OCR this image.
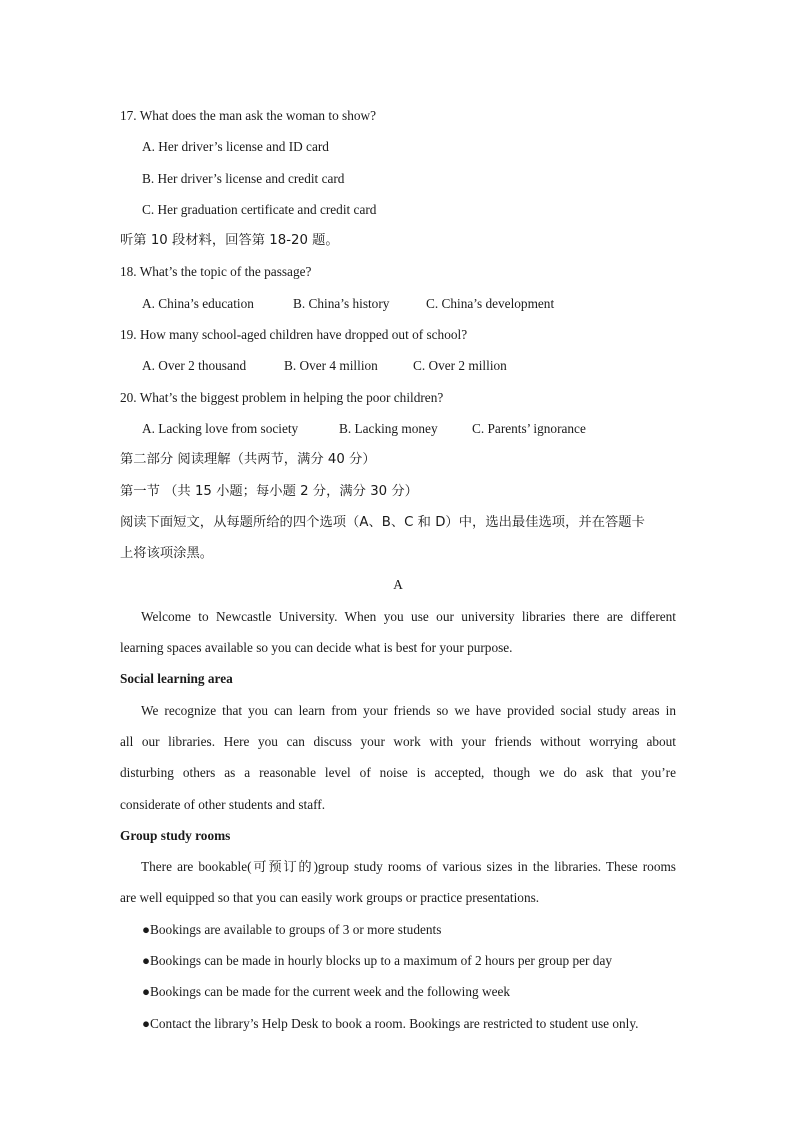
17. What does the man ask the woman to show?
A. Her driver’s license and ID card
B. Her driver’s license and credit card
C. Her graduation certificate and credit card
听第 10 段材料，回答第 18-20 题。
18. What’s the topic of the passage?
A. China’s education	B. China’s history	C. China’s development
19. How many school-aged children have dropped out of school?
A. Over 2 thousand	B. Over 4 million	C. Over 2 million
20. What’s the biggest problem in helping the poor children?
A. Lacking love from society	B. Lacking money	C. Parents’ ignorance
第二部分 阅读理解（共两节，满分 40 分）
第一节 （共 15 小题；每小题 2 分，满分 30 分）
阅读下面短文，从每题所给的四个选项（A、B、C 和 D）中，选出最佳选项，并在答题卡
上将该项涂黑。
A
Welcome to Newcastle University. When you use our university libraries there are different
learning spaces available so you can decide what is best for your purpose.
Social learning area
We recognize that you can learn from your friends so we have provided social study areas in
all our libraries. Here you can discuss your work with your friends without worrying about
disturbing others as a reasonable level of noise is accepted, though we do ask that you’re
considerate of other students and staff.
Group study rooms
There are bookable(可预订的)group study rooms of various sizes in the libraries. These rooms
are well equipped so that you can easily work groups or practice presentations.
●Bookings are available to groups of 3 or more students
●Bookings can be made in hourly blocks up to a maximum of 2 hours per group per day
●Bookings can be made for the current week and the following week
●Contact the library’s Help Desk to book a room. Bookings are restricted to student use only.
